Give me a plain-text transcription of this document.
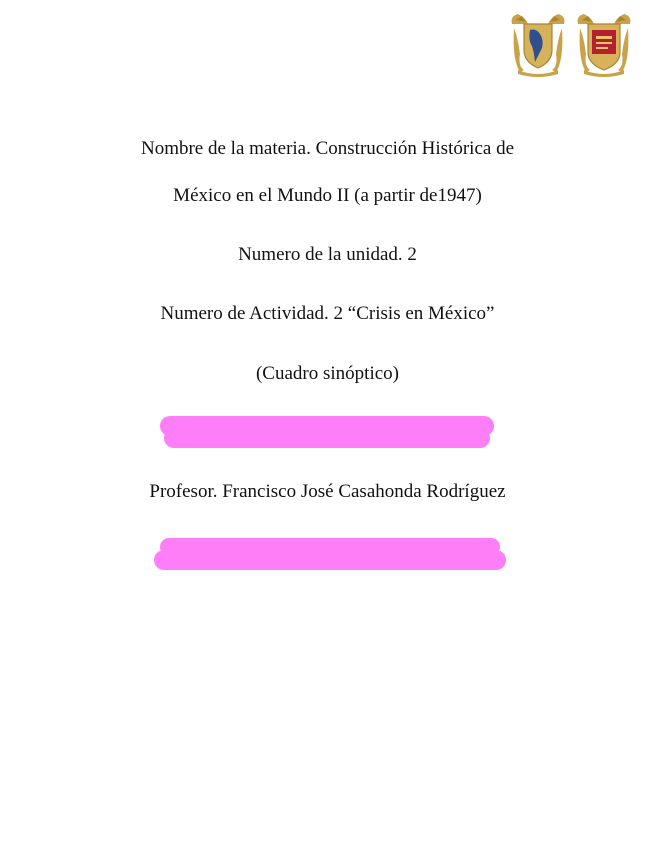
Nombre de la materia. Construcción Histórica de
México en el Mundo II (a partir de1947)
Numero de la unidad. 2
Numero de Actividad. 2 “Crisis en México”
(Cuadro sinóptico)
Profesor. Francisco José Casahonda Rodríguez
